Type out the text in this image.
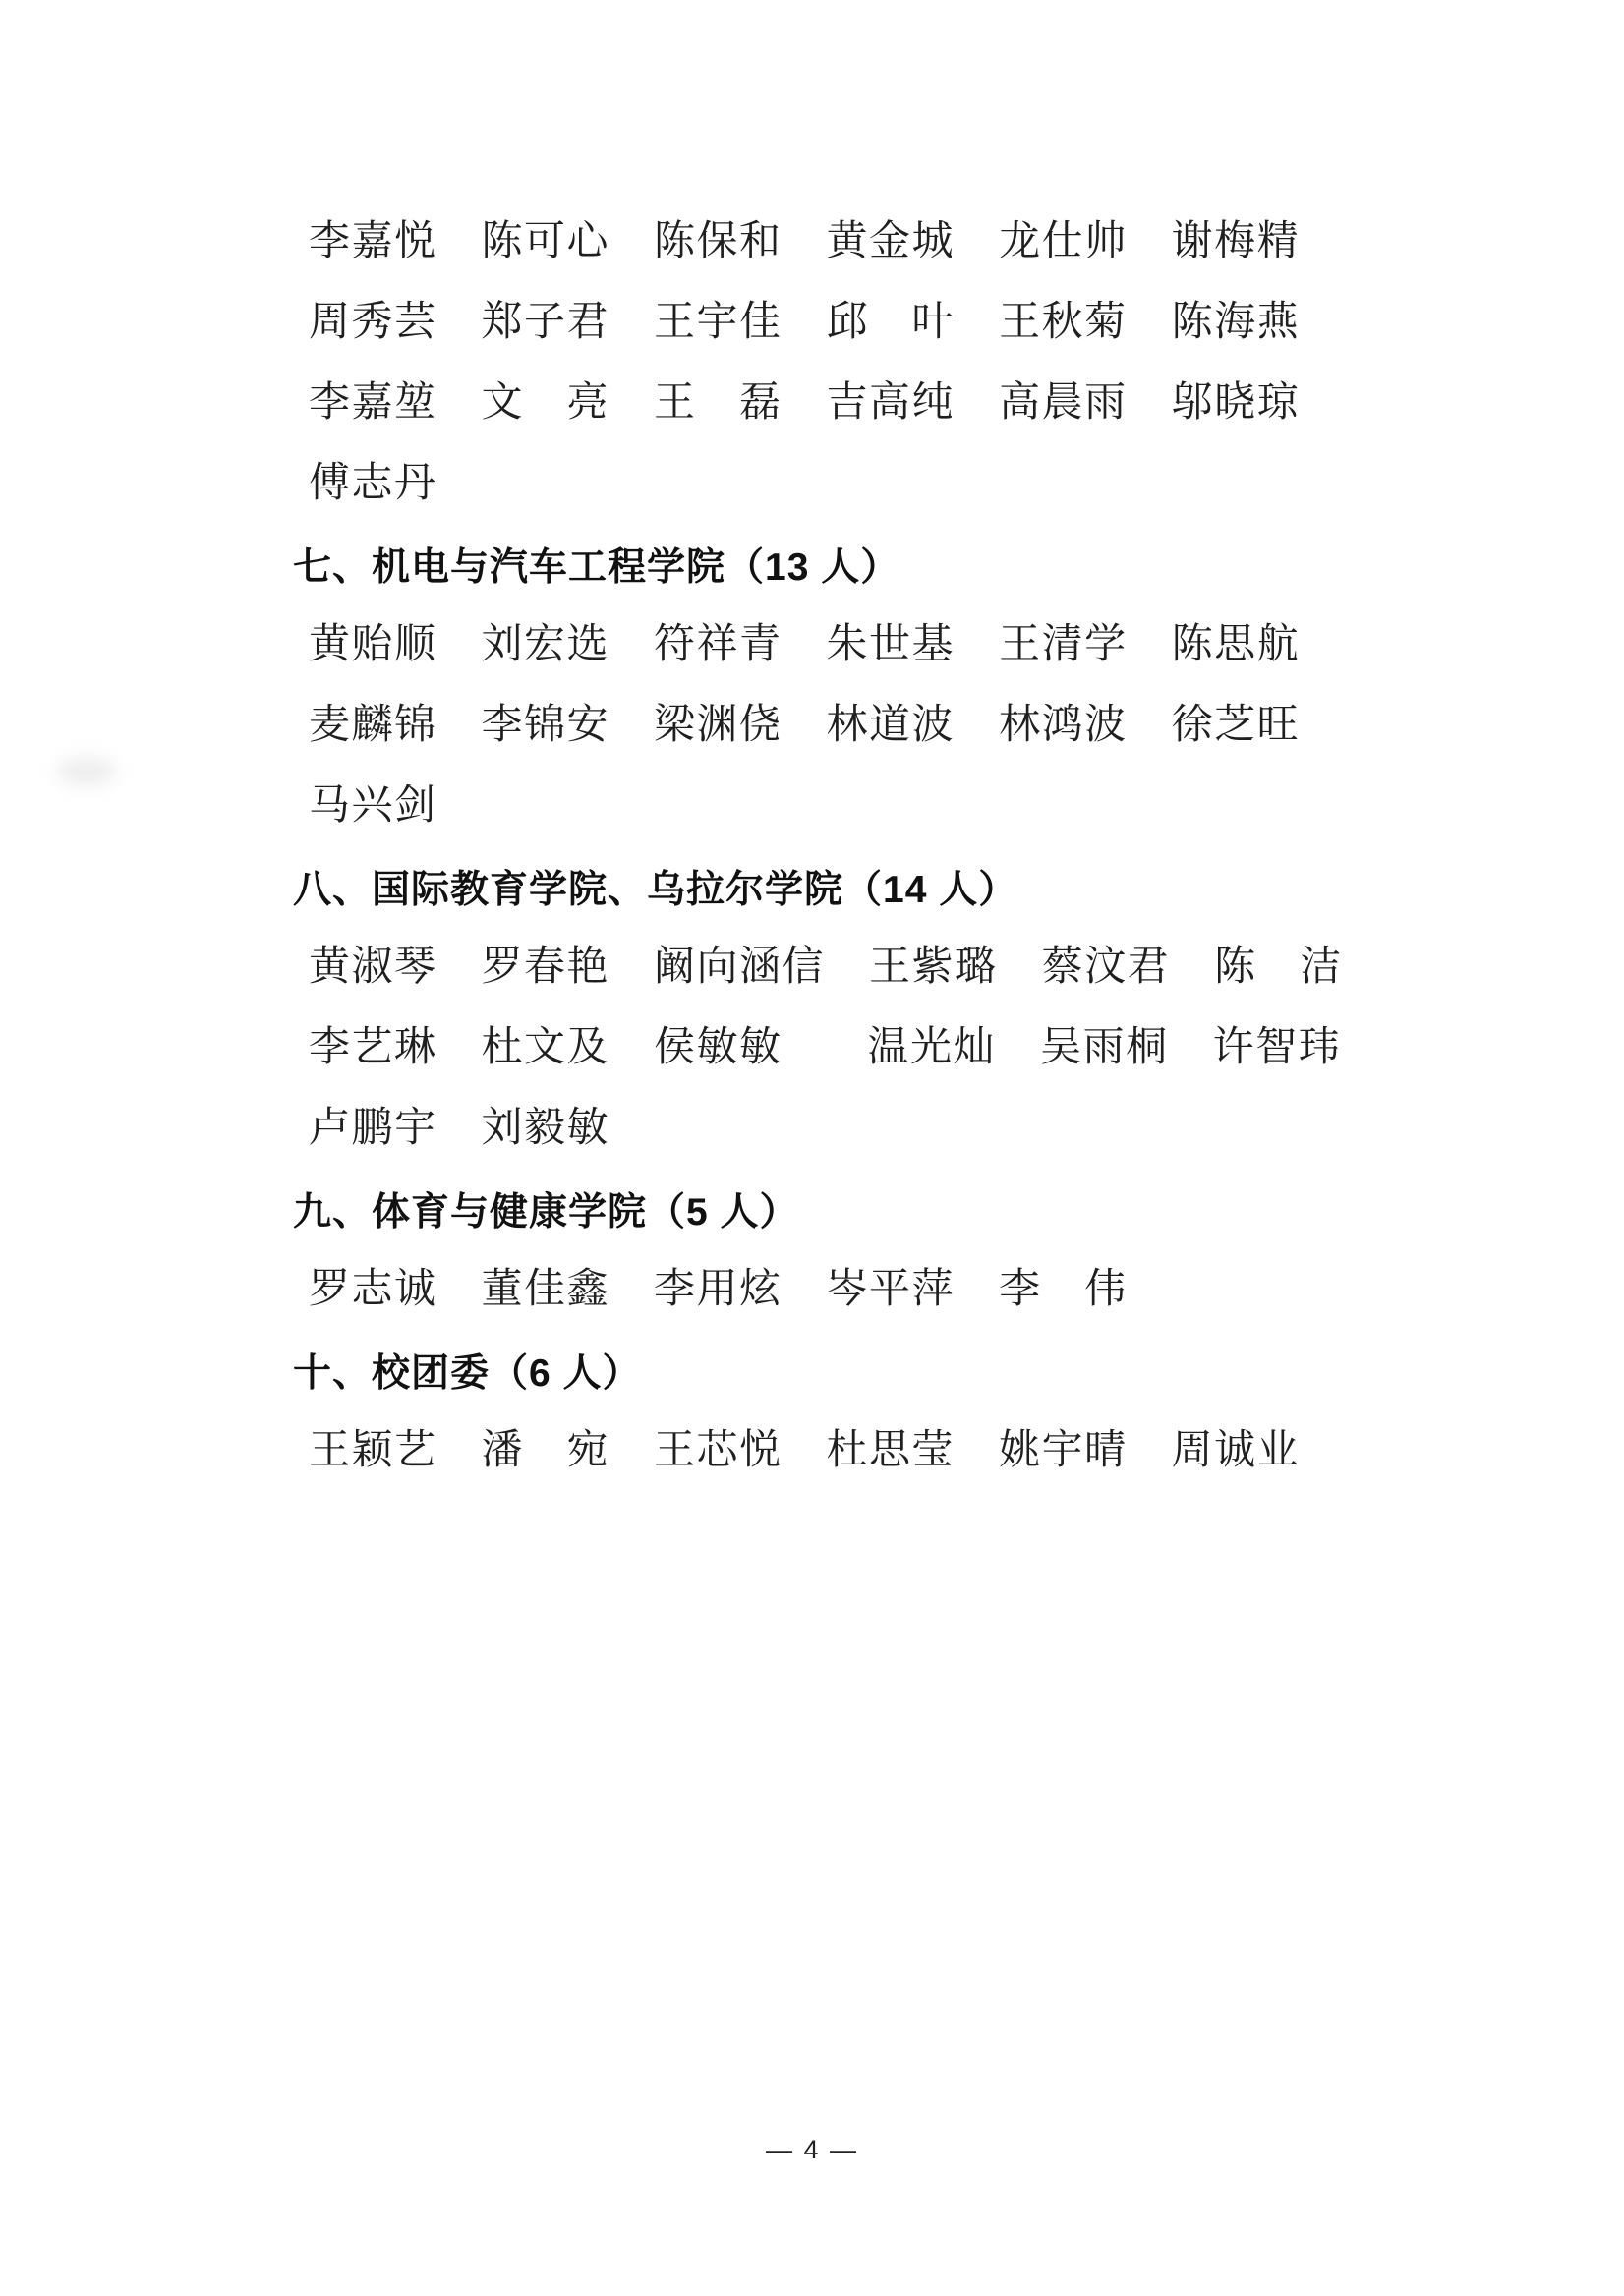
李嘉悦 陈可心 陈保和 黄金城 龙仕帅 谢梅精
周秀芸 郑子君 王宇佳 邱　叶 王秋菊 陈海燕
李嘉堃 文　亮 王　磊 吉高纯 高晨雨 邬晓琼
傅志丹
七、机电与汽车工程学院（13 人）
黄贻顺 刘宏选 符祥青 朱世基 王清学 陈思航
麦麟锦 李锦安 梁渊侥 林道波 林鸿波 徐芝旺
马兴剑
八、国际教育学院、乌拉尔学院（14 人）
黄淑琴 罗春艳 阚向涵信 王紫璐 蔡汶君 陈　洁
李艺琳 杜文及 侯敏敏 温光灿 吴雨桐 许智玮
卢鹏宇 刘毅敏
九、体育与健康学院（5 人）
罗志诚 董佳鑫 李用炫 岑平萍 李　伟
十、校团委（6 人）
王颖艺 潘　宛 王芯悦 杜思莹 姚宇晴 周诚业
— 4 —
